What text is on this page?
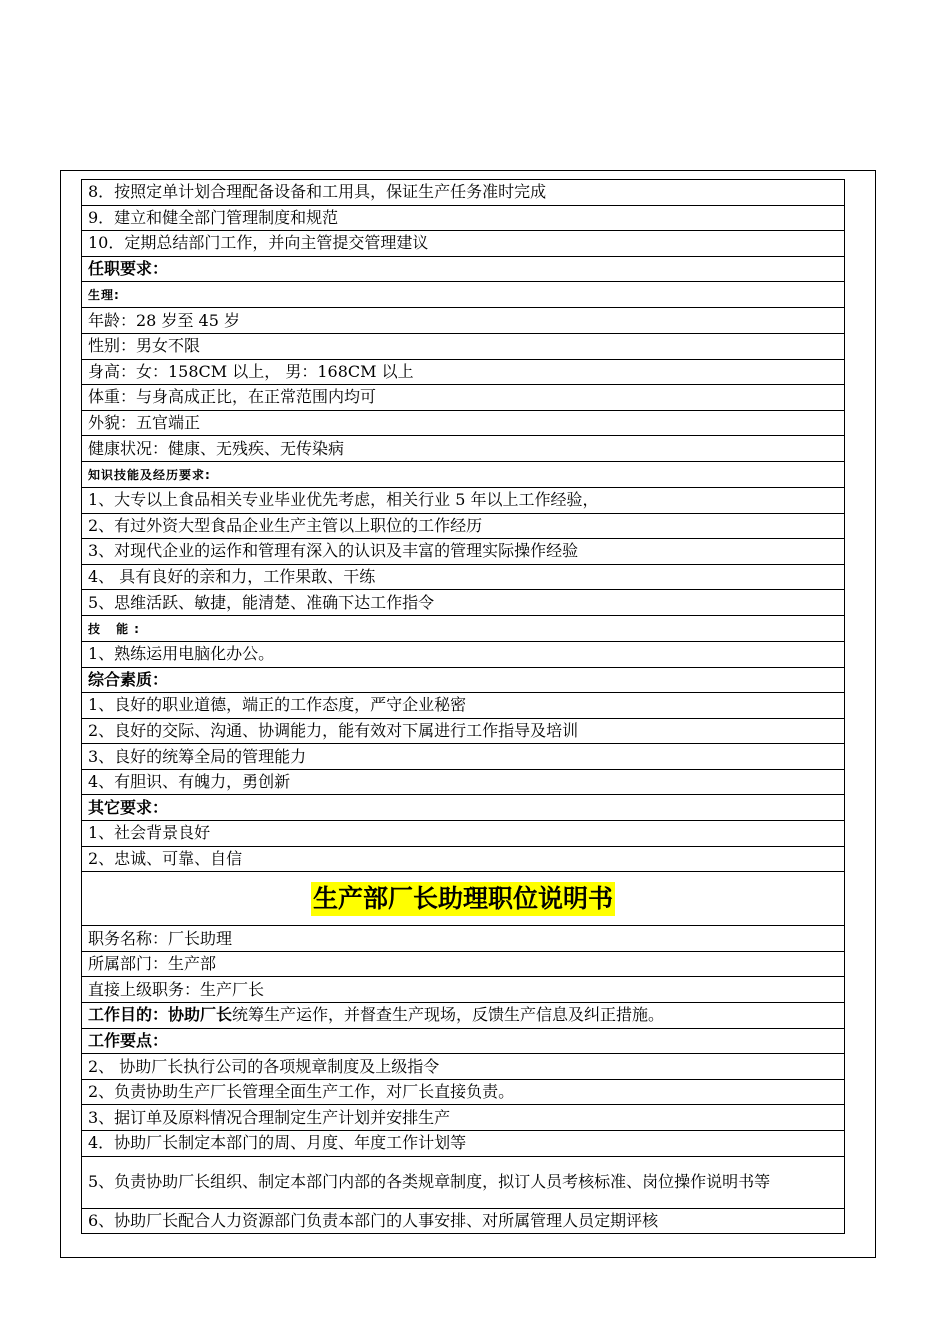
8．按照定单计划合理配备设备和工用具，保证生产任务准时完成
9．建立和健全部门管理制度和规范
10．定期总结部门工作，并向主管提交管理建议
任职要求：
生理:
年龄：28 岁至 45 岁
性别：男女不限
身高：女：158CM 以上， 男：168CM 以上
体重：与身高成正比，在正常范围内均可
外貌：五官端正
健康状况：健康、无残疾、无传染病
知识技能及经历要求:
1、大专以上食品相关专业毕业优先考虑，相关行业 5 年以上工作经验，
2、有过外资大型食品企业生产主管以上职位的工作经历
3、对现代企业的运作和管理有深入的认识及丰富的管理实际操作经验
4、 具有良好的亲和力，工作果敢、干练
5、思维活跃、敏捷，能清楚、准确下达工作指令
技 能:
1、熟练运用电脑化办公。
综合素质：
1、良好的职业道德，端正的工作态度，严守企业秘密
2、良好的交际、沟通、协调能力，能有效对下属进行工作指导及培训
3、良好的统筹全局的管理能力
4、有胆识、有魄力，勇创新
其它要求：
1、社会背景良好
2、忠诚、可靠、自信
生产部厂长助理职位说明书
职务名称：厂长助理
所属部门：生产部
直接上级职务：生产厂长
工作目的：协助厂长统筹生产运作，并督查生产现场，反馈生产信息及纠正措施。
工作要点：
2、 协助厂长执行公司的各项规章制度及上级指令
2、负责协助生产厂长管理全面生产工作，对厂长直接负责。
3、据订单及原料情况合理制定生产计划并安排生产
4．协助厂长制定本部门的周、月度、年度工作计划等
5、负责协助厂长组织、制定本部门内部的各类规章制度，拟订人员考核标准、岗位操作说明书等
6、协助厂长配合人力资源部门负责本部门的人事安排、对所属管理人员定期评核
